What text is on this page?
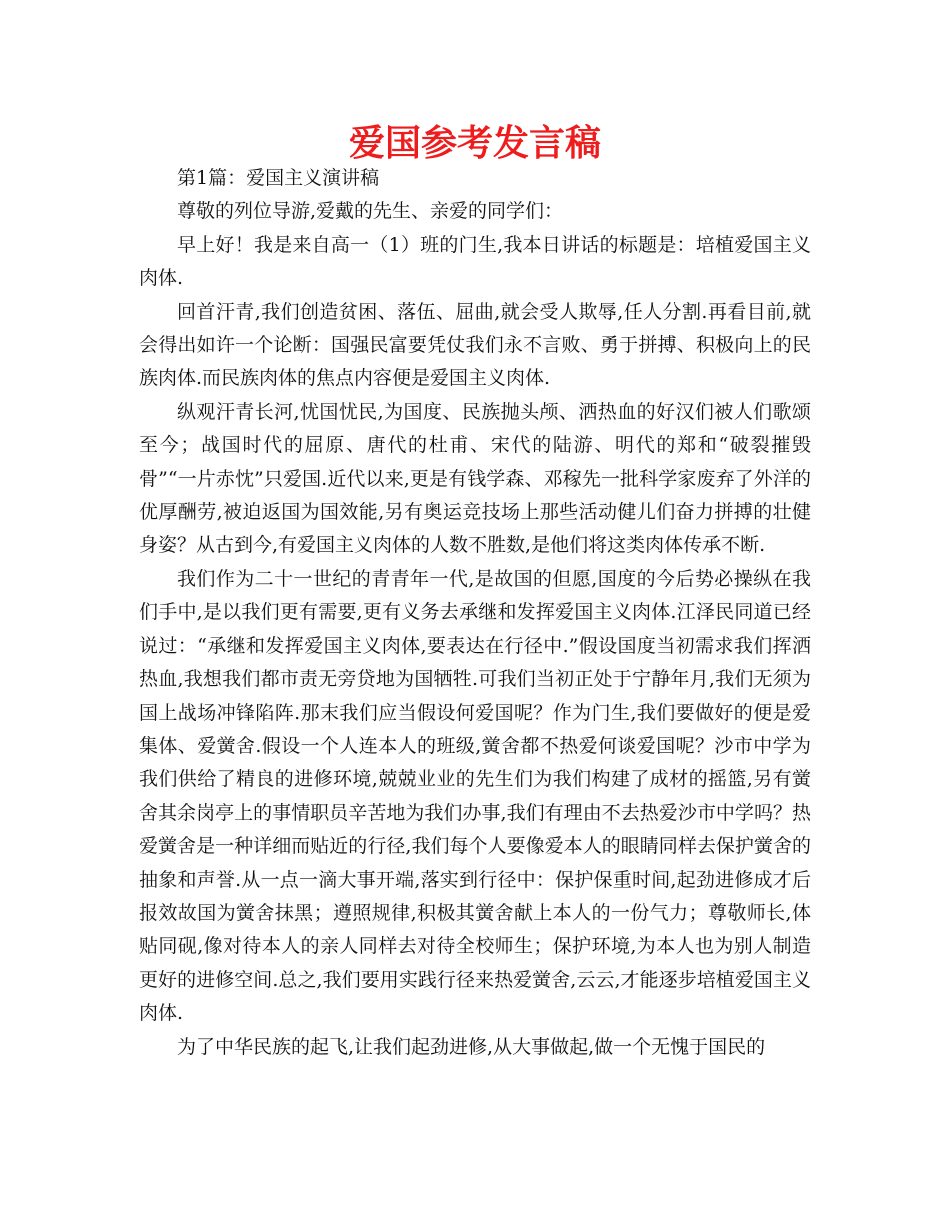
爱国参考发言稿

第1篇：爱国主义演讲稿

尊敬的列位导游,爱戴的先生、亲爱的同学们：

早上好！我是来自高一（1）班的门生,我本日讲话的标题是：培植爱国主义肉体.

回首汗青,我们创造贫困、落伍、屈曲,就会受人欺辱,任人分割.再看目前,就会得出如许一个论断：国强民富要凭仗我们永不言败、勇于拼搏、积极向上的民族肉体.而民族肉体的焦点内容便是爱国主义肉体.

纵观汗青长河,忧国忧民,为国度、民族抛头颅、洒热血的好汉们被人们歌颂至今；战国时代的屈原、唐代的杜甫、宋代的陆游、明代的郑和“破裂摧毁骨”“一片赤忱”只爱国.近代以来,更是有钱学森、邓稼先一批科学家废弃了外洋的优厚酬劳,被迫返国为国效能,另有奥运竞技场上那些活动健儿们奋力拼搏的壮健身姿？从古到今,有爱国主义肉体的人数不胜数,是他们将这类肉体传承不断.

我们作为二十一世纪的青青年一代,是故国的但愿,国度的今后势必操纵在我们手中,是以我们更有需要,更有义务去承继和发挥爱国主义肉体.江泽民同道已经说过：“承继和发挥爱国主义肉体,要表达在行径中.”假设国度当初需求我们挥洒热血,我想我们都市责无旁贷地为国牺牲.可我们当初正处于宁静年月,我们无须为国上战场冲锋陷阵.那末我们应当假设何爱国呢？作为门生,我们要做好的便是爱集体、爱黉舍.假设一个人连本人的班级,黉舍都不热爱何谈爱国呢？沙市中学为我们供给了精良的进修环境,兢兢业业的先生们为我们构建了成材的摇篮,另有黉舍其余岗亭上的事情职员辛苦地为我们办事,我们有理由不去热爱沙市中学吗？热爱黉舍是一种详细而贴近的行径,我们每个人要像爱本人的眼睛同样去保护黉舍的抽象和声誉.从一点一滴大事开端,落实到行径中：保护保重时间,起劲进修成才后报效故国为黉舍抹黑；遵照规律,积极其黉舍献上本人的一份气力；尊敬师长,体贴同砚,像对待本人的亲人同样去对待全校师生；保护环境,为本人也为别人制造更好的进修空间.总之,我们要用实践行径来热爱黉舍,云云,才能逐步培植爱国主义肉体.

为了中华民族的起飞,让我们起劲进修,从大事做起,做一个无愧于国民的
